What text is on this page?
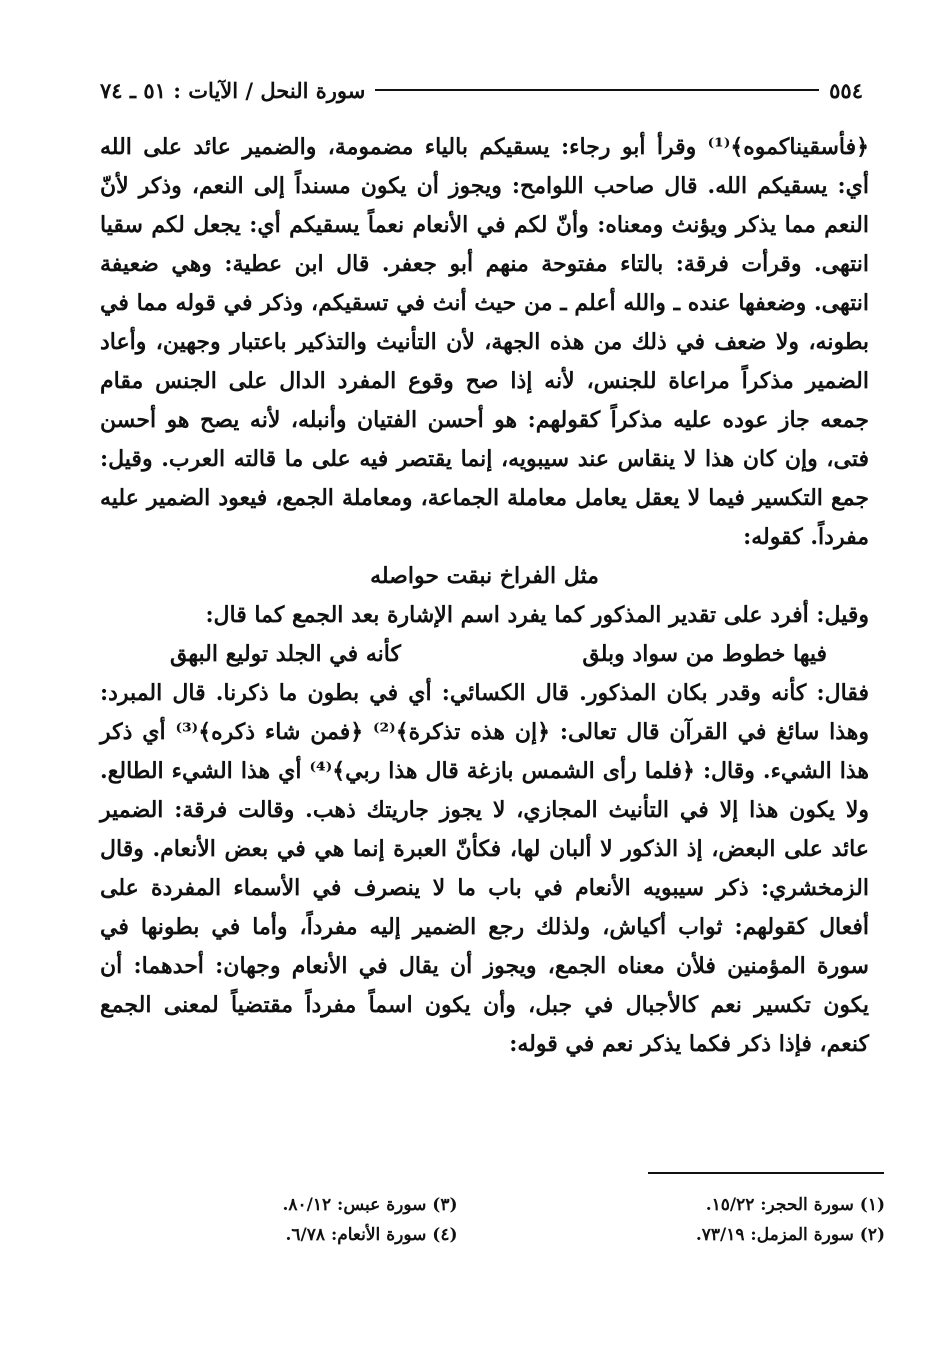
٥٥٤
سورة النحل / الآيات : ٥١ ـ ٧٤

﴿فأسقيناكموه﴾⁽¹⁾ وقرأ أبو رجاء: يسقيكم بالياء مضمومة، والضمير عائد على الله أي: يسقيكم الله. قال صاحب اللوامح: ويجوز أن يكون مسنداً إلى النعم، وذكر لأنّ النعم مما يذكر ويؤنث ومعناه: وأنّ لكم في الأنعام نعماً يسقيكم أي: يجعل لكم سقيا انتهى. وقرأت فرقة: بالتاء مفتوحة منهم أبو جعفر. قال ابن عطية: وهي ضعيفة انتهى. وضعفها عنده ـ والله أعلم ـ من حيث أنث في تسقيكم، وذكر في قوله مما في بطونه، ولا ضعف في ذلك من هذه الجهة، لأن التأنيث والتذكير باعتبار وجهين، وأعاد الضمير مذكراً مراعاة للجنس، لأنه إذا صح وقوع المفرد الدال على الجنس مقام جمعه جاز عوده عليه مذكراً كقولهم: هو أحسن الفتيان وأنبله، لأنه يصح هو أحسن فتى، وإن كان هذا لا ينقاس عند سيبويه، إنما يقتصر فيه على ما قالته العرب. وقيل: جمع التكسير فيما لا يعقل يعامل معاملة الجماعة، ومعاملة الجمع، فيعود الضمير عليه مفرداً. كقوله:

مثل الفراخ نبقت حواصله

وقيل: أفرد على تقدير المذكور كما يفرد اسم الإشارة بعد الجمع كما قال:

فيها خطوط من سواد وبلق
كأنه في الجلد توليع البهق

فقال: كأنه وقدر بكان المذكور. قال الكسائي: أي في بطون ما ذكرنا. قال المبرد: وهذا سائغ في القرآن قال تعالى: ﴿إن هذه تذكرة﴾⁽²⁾ ﴿فمن شاء ذكره﴾⁽³⁾ أي ذكر هذا الشيء. وقال: ﴿فلما رأى الشمس بازغة قال هذا ربي﴾⁽⁴⁾ أي هذا الشيء الطالع. ولا يكون هذا إلا في التأنيث المجازي، لا يجوز جاريتك ذهب. وقالت فرقة: الضمير عائد على البعض، إذ الذكور لا ألبان لها، فكأنّ العبرة إنما هي في بعض الأنعام. وقال الزمخشري: ذكر سيبويه الأنعام في باب ما لا ينصرف في الأسماء المفردة على أفعال كقولهم: ثواب أكياش، ولذلك رجع الضمير إليه مفرداً، وأما في بطونها في سورة المؤمنين فلأن معناه الجمع، ويجوز أن يقال في الأنعام وجهان: أحدهما: أن يكون تكسير نعم كالأجبال في جبل، وأن يكون اسماً مفرداً مقتضياً لمعنى الجمع كنعم، فإذا ذكر فكما يذكر نعم في قوله:

(١) سورة الحجر: ١٥/٢٢.
(٣) سورة عبس: ٨٠/١٢.
(٢) سورة المزمل: ٧٣/١٩.
(٤) سورة الأنعام: ٦/٧٨.
